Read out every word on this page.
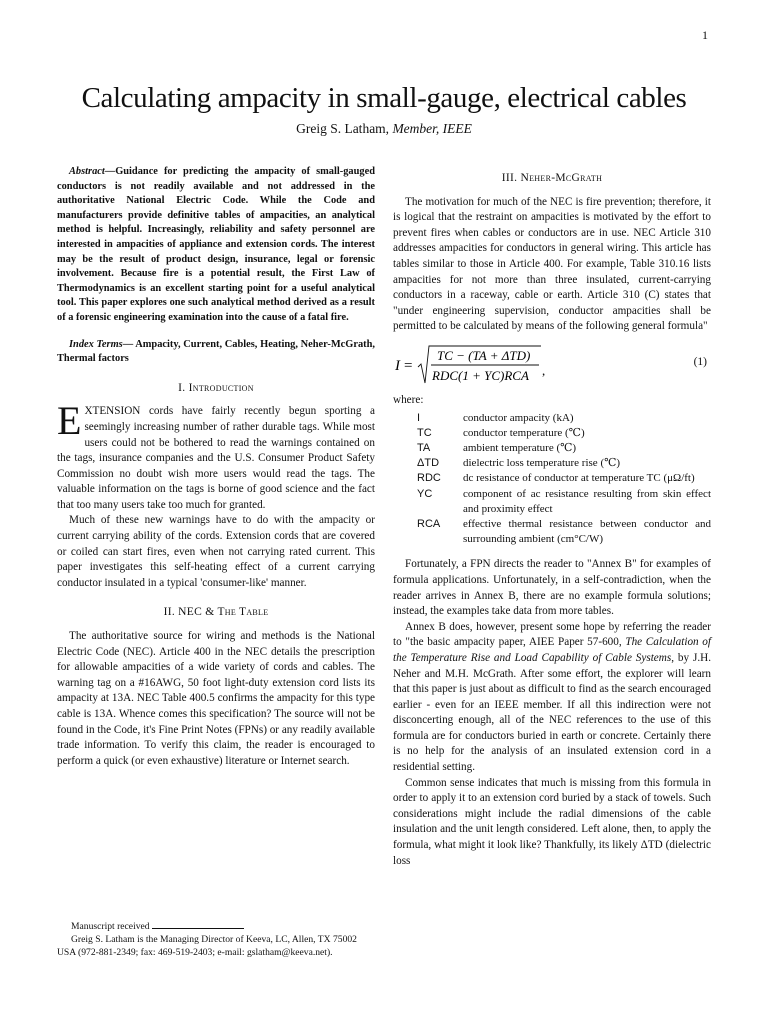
1
Calculating ampacity in small-gauge, electrical cables
Greig S. Latham, Member, IEEE

Abstract—Guidance for predicting the ampacity of small-gauged conductors is not readily available and not addressed in the authoritative National Electric Code. While the Code and manufacturers provide definitive tables of ampacities, an analytical method is helpful. Increasingly, reliability and safety personnel are interested in ampacities of appliance and extension cords. The interest may be the result of product design, insurance, legal or forensic involvement. Because fire is a potential result, the First Law of Thermodynamics is an excellent starting point for a useful analytical tool. This paper explores one such analytical method derived as a result of a forensic engineering examination into the cause of a fatal fire.

Index Terms— Ampacity, Current, Cables, Heating, Neher-McGrath, Thermal factors

I. Introduction

EXTENSION cords have fairly recently begun sporting a seemingly increasing number of rather durable tags. While most users could not be bothered to read the warnings contained on the tags, insurance companies and the U.S. Consumer Product Safety Commission no doubt wish more users would read the tags. The valuable information on the tags is borne of good science and the fact that too many users take too much for granted.

Much of these new warnings have to do with the ampacity or current carrying ability of the cords. Extension cords that are covered or coiled can start fires, even when not carrying rated current. This paper investigates this self-heating effect of a current carrying conductor insulated in a typical 'consumer-like' manner.

II. NEC & The Table

The authoritative source for wiring and methods is the National Electric Code (NEC). Article 400 in the NEC details the prescription for allowable ampacities of a wide variety of cords and cables. The warning tag on a #16AWG, 50 foot light-duty extension cord lists its ampacity at 13A. NEC Table 400.5 confirms the ampacity for this type cable is 13A. Whence comes this specification? The source will not be found in the Code, it's Fine Print Notes (FPNs) or any readily available trade information. To verify this claim, the reader is encouraged to perform a quick (or even exhaustive) literature or Internet search.

III. Neher-McGrath

The motivation for much of the NEC is fire prevention; therefore, it is logical that the restraint on ampacities is motivated by the effort to prevent fires when cables or conductors are in use. NEC Article 310 addresses ampacities for conductors in general wiring. This article has tables similar to those in Article 400. For example, Table 310.16 lists ampacities for not more than three insulated, current-carrying conductors in a raceway, cable or earth. Article 310 (C) states that "under engineering supervision, conductor ampacities shall be permitted to be calculated by means of the following general formula"

I =
TC − (TA + ΔTD)
RDC(1 + YC)RCA ,
(1)

where:

I	conductor ampacity (kA)
TC	conductor temperature (℃)
TA	ambient temperature (℃)
ΔTD	dielectric loss temperature rise (℃)
RDC	dc resistance of conductor at temperature TC (μΩ/ft)
YC	component of ac resistance resulting from skin effect and proximity effect
RCA	effective thermal resistance between conductor and surrounding ambient (cm°C/W)

Fortunately, a FPN directs the reader to "Annex B" for examples of formula applications. Unfortunately, in a self-contradiction, when the reader arrives in Annex B, there are no example formula solutions; instead, the examples take data from more tables.

Annex B does, however, present some hope by referring the reader to "the basic ampacity paper, AIEE Paper 57-600, The Calculation of the Temperature Rise and Load Capability of Cable Systems, by J.H. Neher and M.H. McGrath. After some effort, the explorer will learn that this paper is just about as difficult to find as the search encouraged earlier - even for an IEEE member. If all this indirection were not disconcerting enough, all of the NEC references to the use of this formula are for conductors buried in earth or concrete. Certainly there is no help for the analysis of an insulated extension cord in a residential setting.

Common sense indicates that much is missing from this formula in order to apply it to an extension cord buried by a stack of towels. Such considerations might include the radial dimensions of the cable insulation and the unit length considered. Left alone, then, to apply the formula, what might it look like? Thankfully, its likely ΔTD (dielectric loss

Manuscript received

Greig S. Latham is the Managing Director of Keeva, LC, Allen, TX 75002 USA (972-881-2349; fax: 469-519-2403; e-mail: gslatham@keeva.net).
